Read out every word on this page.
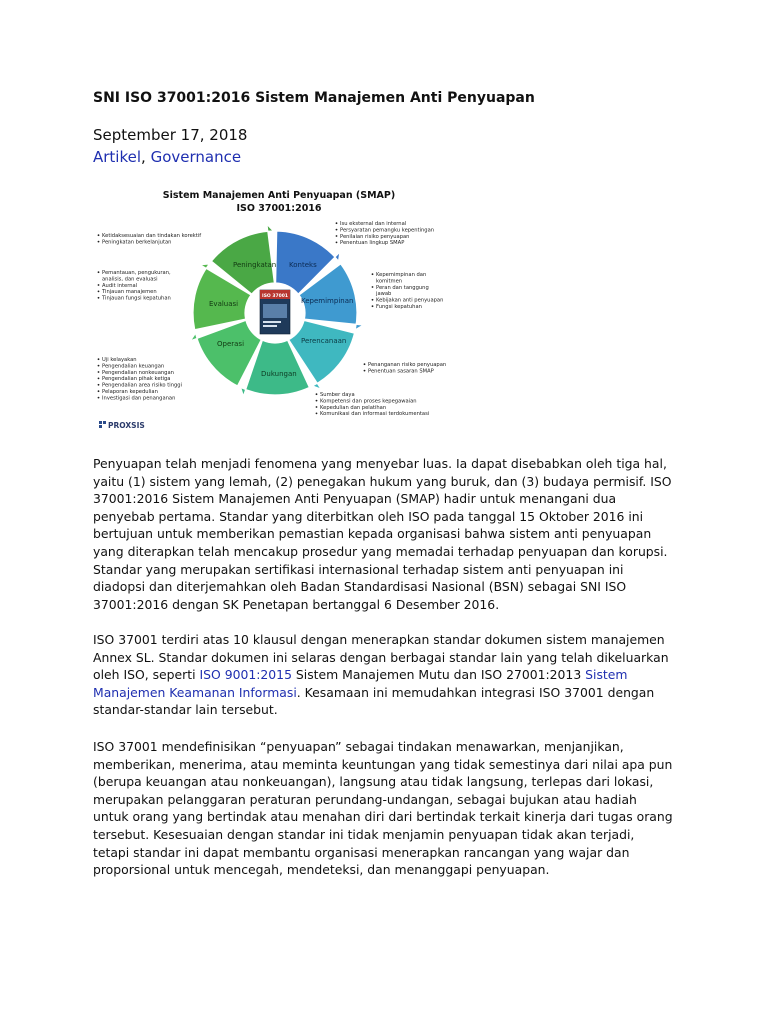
SNI ISO 37001:2016 Sistem Manajemen Anti Penyuapan
September 17, 2018
Artikel, Governance
Sistem Manajemen Anti Penyuapan (SMAP)
ISO 37001:2016
ISO 37001
Peningkatan Konteks
Kepemimpinan
Perencanaan
Dukungan
Operasi
Evaluasi
Ketidaksesuaian dan tindakan korektif
Peningkatan berkelanjutan
Isu eksternal dan internal
Persyaratan pemangku kepentingan
Penilaian risiko penyuapan
Penentuan lingkup SMAP
Kepemimpinan dan
komitmen
Peran dan tanggung
jawab
Kebijakan anti penyuapan
Fungsi kepatuhan
Pemantauan, pengukuran,
analisis, dan evaluasi
Audit internal
Tinjauan manajemen
Tinjauan fungsi kepatuhan
Penanganan risiko penyuapan
Penentuan sasaran SMAP
Uji kelayakan
Pengendalian keuangan
Pengendalian nonkeuangan
Pengendalian pihak ketiga
Pengendalian area risiko tinggi
Pelaporan kepedulian
Investigasi dan penanganan
Sumber daya
Kompetensi dan proses kepegawaian
Kepedulian dan pelatihan
Komunikasi dan informasi terdokumentasi
PROXSIS
Penyuapan telah menjadi fenomena yang menyebar luas. Ia dapat disebabkan oleh tiga hal,
yaitu (1) sistem yang lemah, (2) penegakan hukum yang buruk, dan (3) budaya permisif. ISO
37001:2016 Sistem Manajemen Anti Penyuapan (SMAP) hadir untuk menangani dua
penyebab pertama. Standar yang diterbitkan oleh ISO pada tanggal 15 Oktober 2016 ini
bertujuan untuk memberikan pemastian kepada organisasi bahwa sistem anti penyuapan
yang diterapkan telah mencakup prosedur yang memadai terhadap penyuapan dan korupsi.
Standar yang merupakan sertifikasi internasional terhadap sistem anti penyuapan ini
diadopsi dan diterjemahkan oleh Badan Standardisasi Nasional (BSN) sebagai SNI ISO
37001:2016 dengan SK Penetapan bertanggal 6 Desember 2016.
ISO 37001 terdiri atas 10 klausul dengan menerapkan standar dokumen sistem manajemen
Annex SL. Standar dokumen ini selaras dengan berbagai standar lain yang telah dikeluarkan
oleh ISO, seperti ISO 9001:2015 Sistem Manajemen Mutu dan ISO 27001:2013 Sistem
Manajemen Keamanan Informasi. Kesamaan ini memudahkan integrasi ISO 37001 dengan
standar-standar lain tersebut.
ISO 37001 mendefinisikan “penyuapan” sebagai tindakan menawarkan, menjanjikan,
memberikan, menerima, atau meminta keuntungan yang tidak semestinya dari nilai apa pun
(berupa keuangan atau nonkeuangan), langsung atau tidak langsung, terlepas dari lokasi,
merupakan pelanggaran peraturan perundang-undangan, sebagai bujukan atau hadiah
untuk orang yang bertindak atau menahan diri dari bertindak terkait kinerja dari tugas orang
tersebut. Kesesuaian dengan standar ini tidak menjamin penyuapan tidak akan terjadi,
tetapi standar ini dapat membantu organisasi menerapkan rancangan yang wajar dan
proporsional untuk mencegah, mendeteksi, dan menanggapi penyuapan.
